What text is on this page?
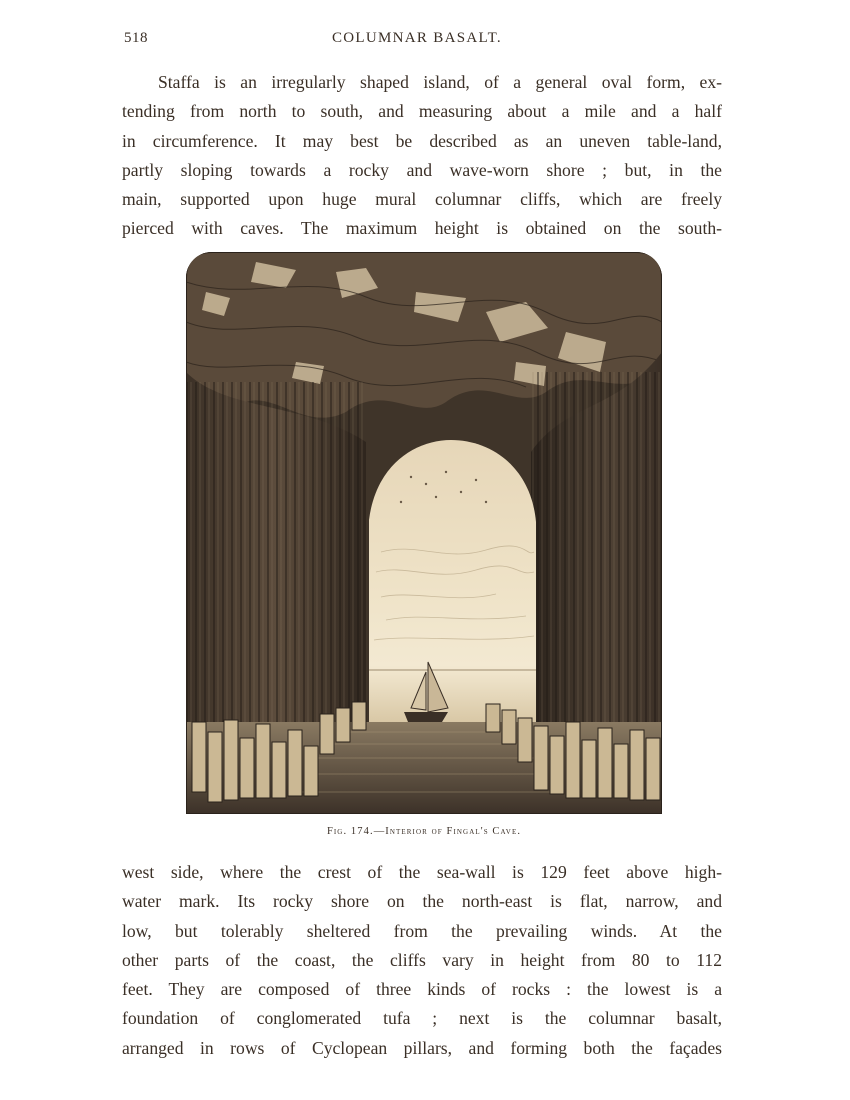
518	COLUMNAR BASALT.

Staffa is an irregularly shaped island, of a general oval form, ex-
tending from north to south, and measuring about a mile and a half
in circumference. It may best be described as an uneven table-land,
partly sloping towards a rocky and wave-worn shore ; but, in the
main, supported upon huge mural columnar cliffs, which are freely
pierced with caves. The maximum height is obtained on the south-

Fig. 174.—Interior of Fingal's Cave.

west side, where the crest of the sea-wall is 129 feet above high-
water mark. Its rocky shore on the north-east is flat, narrow, and
low, but tolerably sheltered from the prevailing winds. At the
other parts of the coast, the cliffs vary in height from 80 to 112
feet. They are composed of three kinds of rocks : the lowest is a
foundation of conglomerated tufa ; next is the columnar basalt,
arranged in rows of Cyclopean pillars, and forming both the façades
